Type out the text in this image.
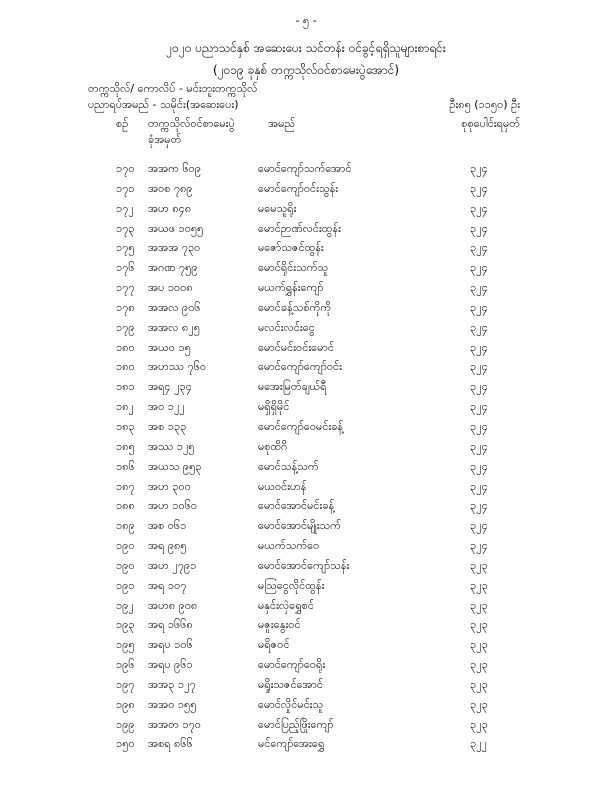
- ၅ -
၂၀၂၀ ပညာသင်နှစ် အဆေးပေး သင်တန်း ဝင်ခွင့်ရရှိသူများစာရင်း
(၂၀၁၉ ခုနှစ် တက္ကသိုလ်ဝင်စာမေးပွဲအောင်)
တက္ကသိုလ်/ ကောလိပ် - မင်းဘူးတက္ကသိုလ်
ပညာရပ်အမည် - သမိုင်း(အဆေးပေး)	ဦး၈၅ (၁၁၅၀) ဦး
စဉ် တက္ကသိုလ်ဝင်စာမေးပွဲ
ခုံအမှတ်
အမည်	စုစုပေါင်းရမှတ်
၁၇၀ အအက ၆၀၉	မောင်ကျော်သက်အောင်	၃၂၄
၁၇၁ အဝစ ၇၈၉	မောင်ကျော်ဝင်းသွန်း	၃၂၄
၁၇၂ အဟ ၈၄၈	မမေသူရိုး	၃၂၄
၁၇၃ အယဖ ၁၀၅၅	မောင်ဉာဏ်လင်းထွန်း	၃၂၄
၁၇၅ အအအ ၇၃၀	မဇော်သဇင်ထွန်း	၃၂၄
၁၇၆ အဂဏ ၇၅၉	မောင်ရိုင်းသက်သူ	၃၂၄
၁၇၇ အပ ၁၀၀၈	မယက်ရွှန်းကျော်	၃၂၄
၁၇၈ အအလ ၉၀၆	မောင်ခန့်သစ်ကိုကို	၃၂၄
၁၇၉ အအလ ၈၂၅	မလင်းလင်းငွေ	၃၂၄
၁၈၀ အယဝ ၁၅	မောင်မင်းဝင်းမောင်	၃၂၄
၁၈၀ အဟဿ ၇၆၀	မောင်ကျော်ကျော်ဝင်း	၃၂၄
၁၈၁ အရ၄ ၂၃၄	မအေးမြတ်ချယ်ရီ	၃၂၄
၁၈၂ အဝ ၁၂၂	မရှိရှိမိုင်	၃၂၄
၁၈၃ အစ ၁၃၃	မောင်ကျော်ဝေမင်းခန့်	၃၂၄
၁၈၅ အဿ ၁၂၅	မစုထိဂိ	၃၂၄
၁၈၆ အယသ ၉၅၃	မောင်သန့်သက်	၃၂၄
၁၈၇ အဟ ၃၀၀	မယဝင်းဟန်	၃၂၄
၁၈၈ အဟ ၁၀၆၀	မောင်အောင်မင်းခန့်	၃၂၄
၁၈၉ အစ ၀၆၁	မောင်အောင်မျိုးသက်	၃၂၄
၁၉၀ အရ ၉၈၅	မယက်သက်ဝေ	၃၂၄
၁၉၀ အဟ ၂၇၉၁	မောင်အောင်ကျော်သန်း	၃၂၃
၁၉၁ အရ ၁၀၇	မဩငွေလိုင်ထွန်း	၃၂၃
၁၉၂ အဟ၈ ၉၀၈	မနှင်းလှဲရွှေစင်	၃၂၃
၁၉၃ အရ ၁၆၆၈	မဇူးနွေးဝင်	၃၂၃
၁၉၅ အရပ ၁၀၆	မရိဇဝင်	၃၂၃
၁၉၆ အရပ ၉၆၁	မောင်ကျော်ဝေရိုး	၃၂၃
၁၉၇ အအ၃ ၁၂၇	မရှိုးသဇင်အောင်	၃၂၃
၁၉၈ အအဝ ၁၅၅	မောင်လှိုင်မင်းသူ	၃၂၃
၁၉၉ အအတ ၁၇၀	မောင်ပြည့်ဖြိုးကျော်	၃၂၃
၁၅၀ အစရ ၈၆၆	မင်ကျော်အေးရွှေ	၃၂၂
